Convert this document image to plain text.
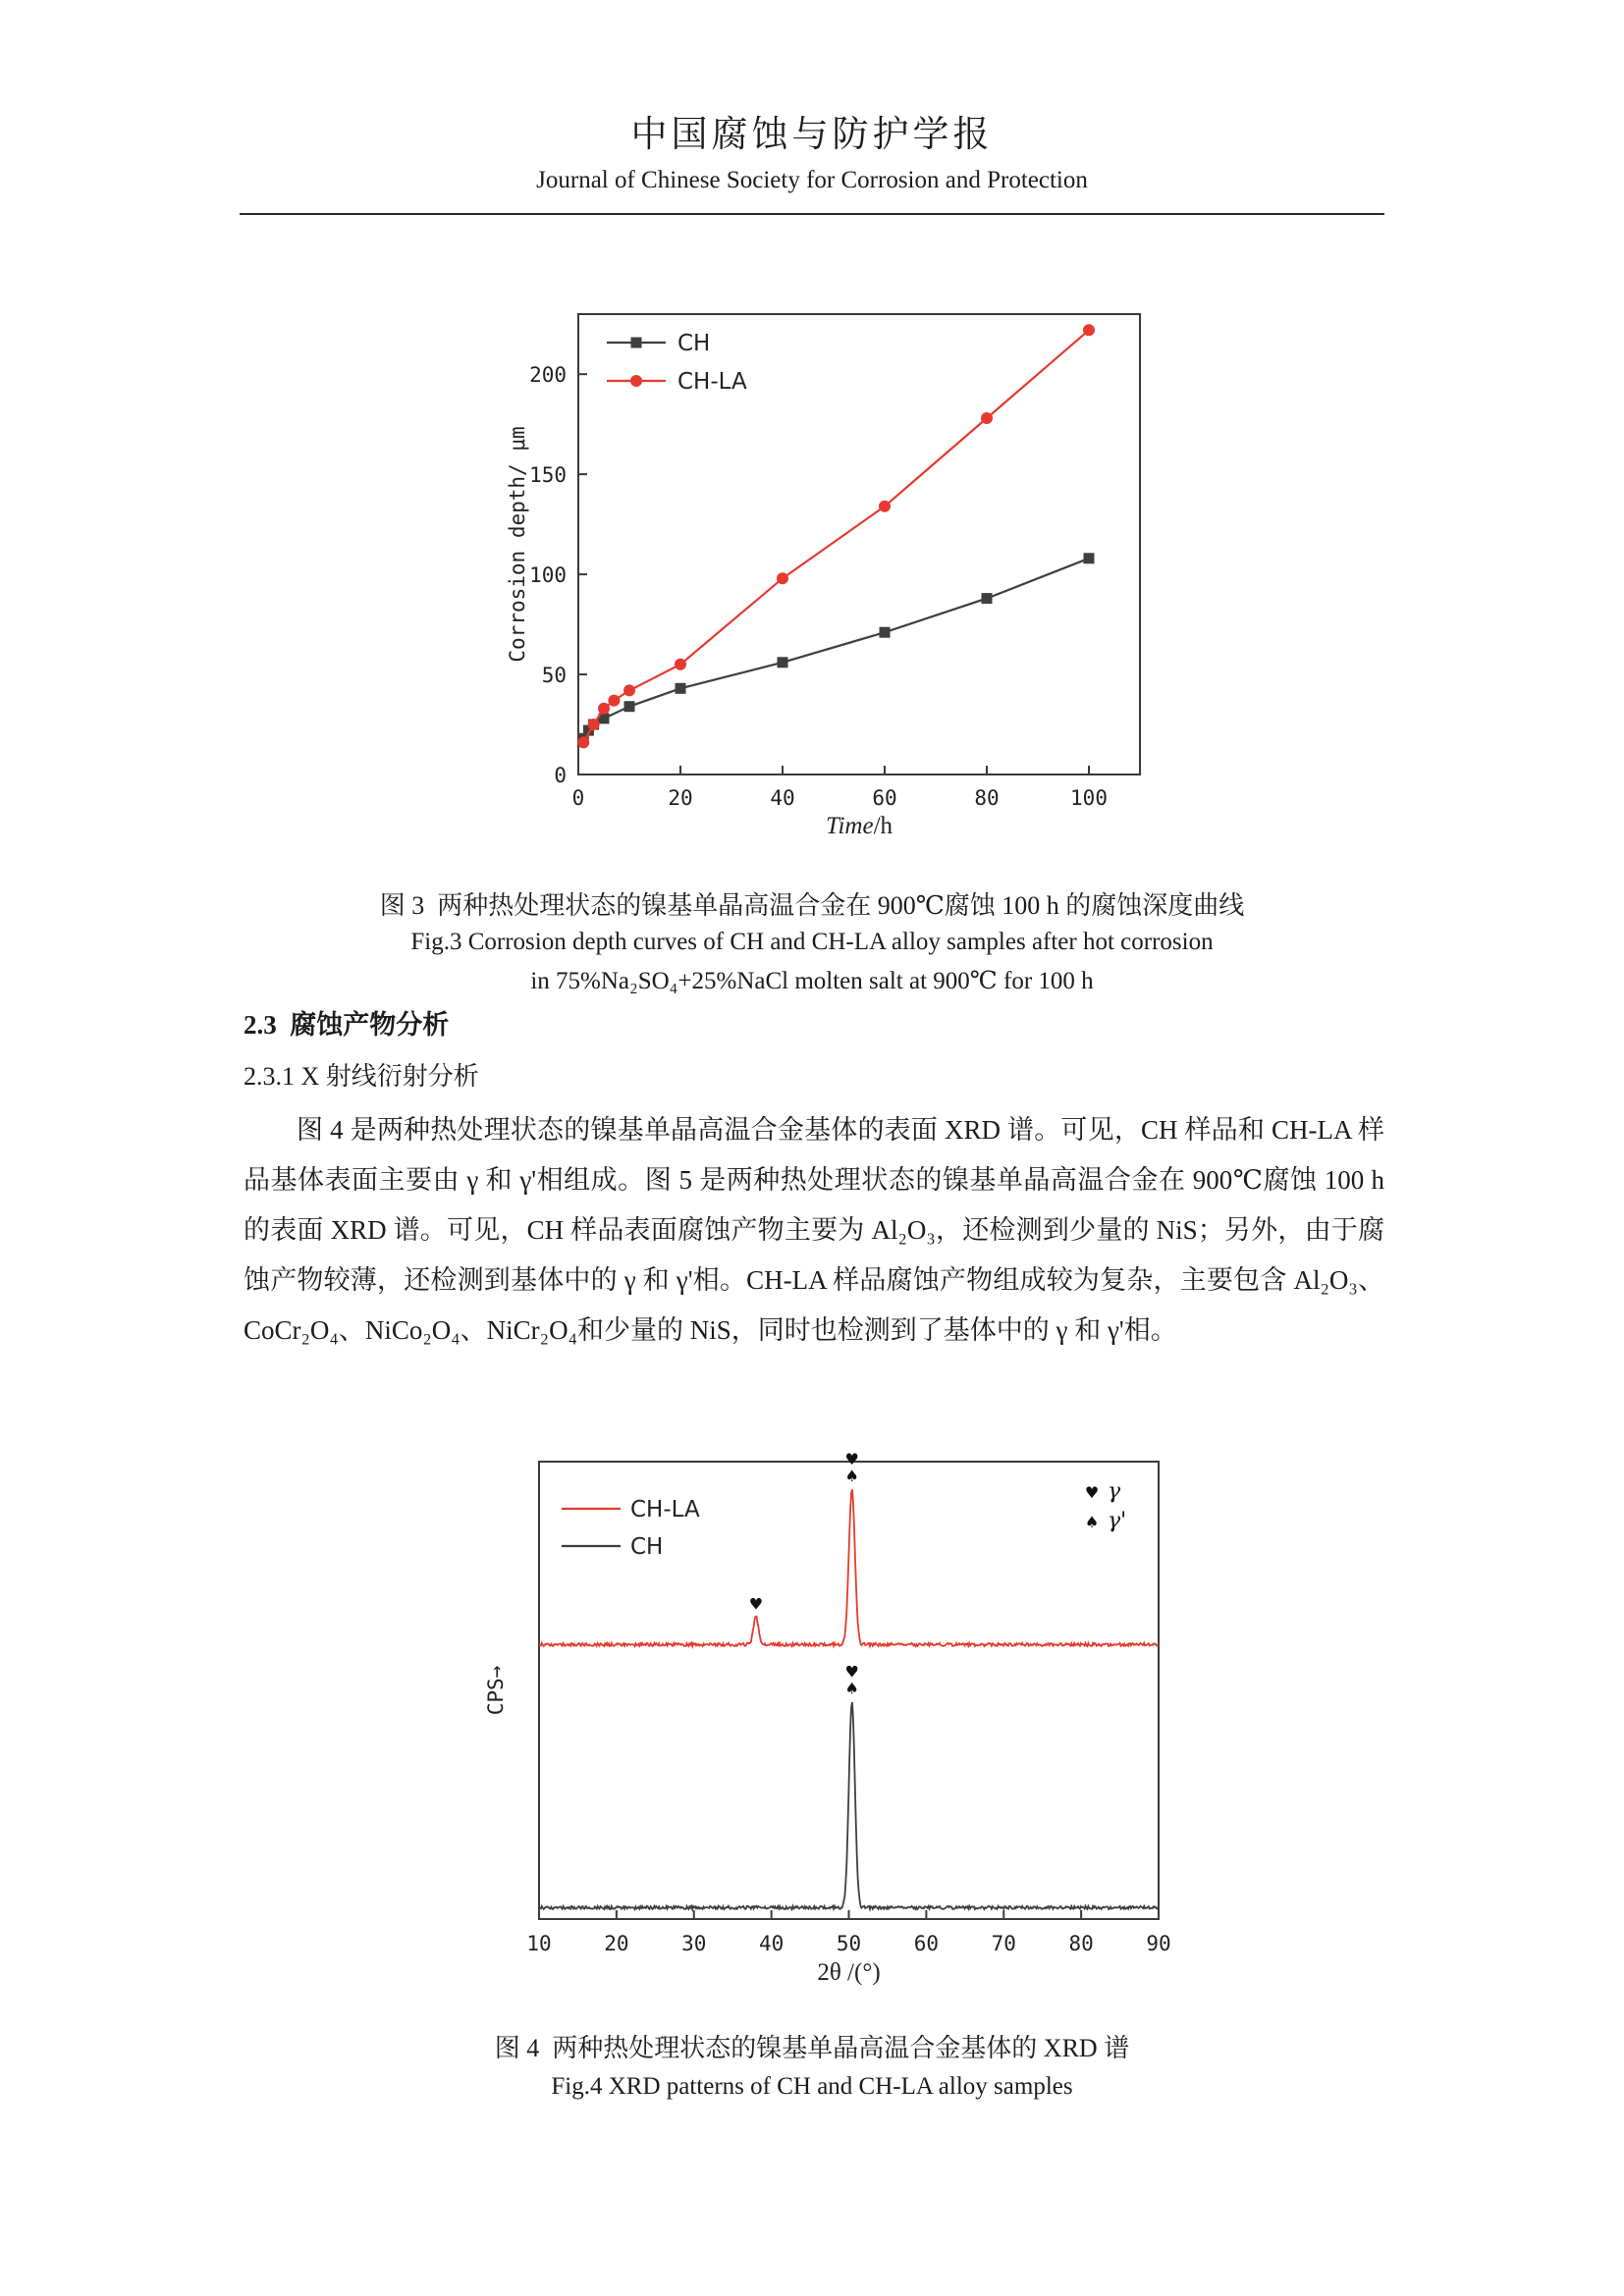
中国腐蚀与防护学报
Journal of Chinese Society for Corrosion and Protection
0	20	40	60	80	100
0
50
100
150
200
CH
CH-LA
Time/h
Corrosion depth/ μm
图 3  两种热处理状态的镍基单晶高温合金在 900℃腐蚀 100 h 的腐蚀深度曲线
Fig.3 Corrosion depth curves of CH and CH-LA alloy samples after hot corrosion
in 75%Na₂SO₄+25%NaCl molten salt at 900℃ for 100 h
2.3  腐蚀产物分析
2.3.1 X 射线衍射分析
图 4 是两种热处理状态的镍基单晶高温合金基体的表面 XRD 谱。可见，CH 样品和 CH-LA 样品基体表面主要由 γ 和 γ'相组成。图 5 是两种热处理状态的镍基单晶高温合金在 900℃腐蚀 100 h 的表面 XRD 谱。可见，CH 样品表面腐蚀产物主要为 Al₂O₃，还检测到少量的 NiS；另外，由于腐蚀产物较薄，还检测到基体中的 γ 和 γ'相。CH-LA 样品腐蚀产物组成较为复杂，主要包含 Al₂O₃、CoCr₂O₄、NiCo₂O₄、NiCr₂O₄和少量的 NiS，同时也检测到了基体中的 γ 和 γ'相。
10	20	30	40	50	60	70	80	90
♥
♥
♠
♥
♠
CH-LA
CH
♥ γ
♠ γ'
2θ /(°)
CPS→
图 4  两种热处理状态的镍基单晶高温合金基体的 XRD 谱
Fig.4 XRD patterns of CH and CH-LA alloy samples
